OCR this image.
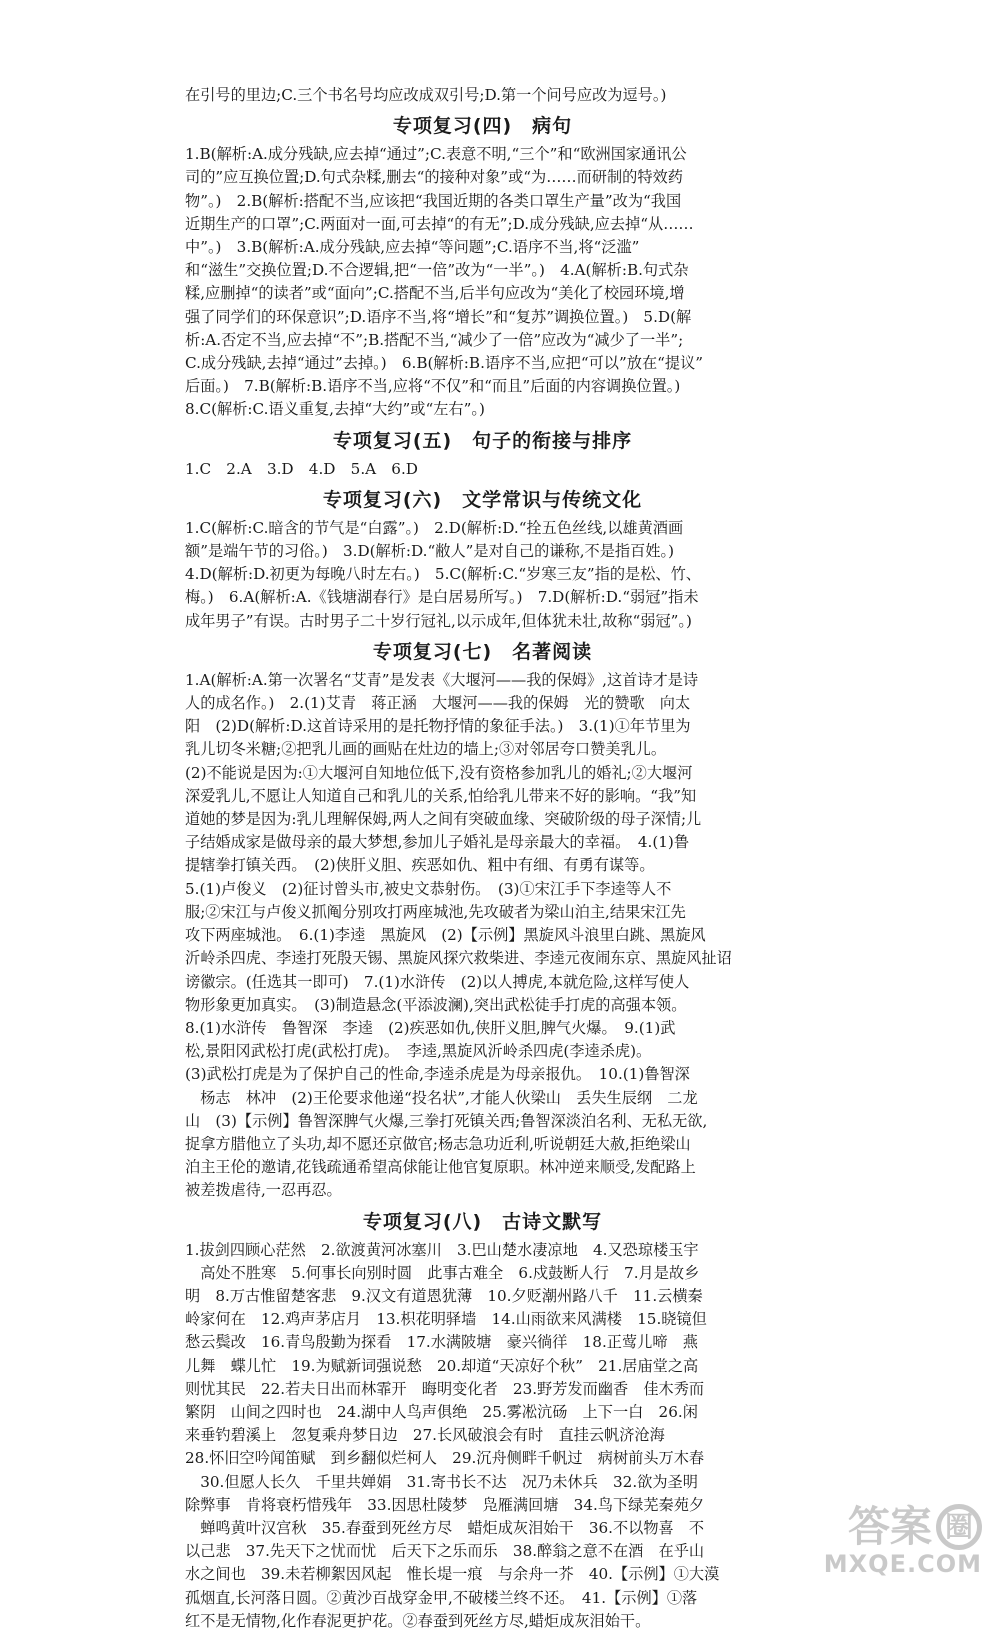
在引号的里边;C.三个书名号均应改成双引号;D.第一个问号应改为逗号。)

专项复习(四)　病句
1.B(解析:A.成分残缺,应去掉“通过”;C.表意不明,“三个”和“欧洲国家通讯公
司的”应互换位置;D.句式杂糅,删去“的接种对象”或“为……而研制的特效药
物”。)　2.B(解析:搭配不当,应该把“我国近期的各类口罩生产量”改为“我国
近期生产的口罩”;C.两面对一面,可去掉“的有无”;D.成分残缺,应去掉“从……
中”。)　3.B(解析:A.成分残缺,应去掉“等问题”;C.语序不当,将“泛滥”
和“滋生”交换位置;D.不合逻辑,把“一倍”改为“一半”。)　4.A(解析:B.句式杂
糅,应删掉“的读者”或“面向”;C.搭配不当,后半句应改为“美化了校园环境,增
强了同学们的环保意识”;D.语序不当,将“增长”和“复苏”调换位置。)　5.D(解
析:A.否定不当,应去掉“不”;B.搭配不当,“减少了一倍”应改为“减少了一半”;
C.成分残缺,去掉“通过”去掉。)　6.B(解析:B.语序不当,应把“可以”放在“提议”
后面。)　7.B(解析:B.语序不当,应将“不仅”和“而且”后面的内容调换位置。)
8.C(解析:C.语义重复,去掉“大约”或“左右”。)
专项复习(五)　句子的衔接与排序
1.C　2.A　3.D　4.D　5.A　6.D
专项复习(六)　文学常识与传统文化
1.C(解析:C.暗含的节气是“白露”。)　2.D(解析:D.“拴五色丝线,以雄黄酒画
额”是端午节的习俗。)　3.D(解析:D.“敝人”是对自己的谦称,不是指百姓。)
4.D(解析:D.初更为每晚八时左右。)　5.C(解析:C.“岁寒三友”指的是松、竹、
梅。)　6.A(解析:A.《钱塘湖春行》是白居易所写。)　7.D(解析:D.“弱冠”指未
成年男子”有误。古时男子二十岁行冠礼,以示成年,但体犹未壮,故称“弱冠”。)
专项复习(七)　名著阅读
1.A(解析:A.第一次署名“艾青”是发表《大堰河——我的保姆》,这首诗才是诗
人的成名作。)　2.(1)艾青　蒋正涵　大堰河——我的保姆　光的赞歌　向太
阳　(2)D(解析:D.这首诗采用的是托物抒情的象征手法。)　3.(1)①年节里为
乳儿切冬米糖;②把乳儿画的画贴在灶边的墙上;③对邻居夸口赞美乳儿。
(2)不能说是因为:①大堰河自知地位低下,没有资格参加乳儿的婚礼;②大堰河
深爱乳儿,不愿让人知道自己和乳儿的关系,怕给乳儿带来不好的影响。“我”知
道她的梦是因为:乳儿理解保姆,两人之间有突破血缘、突破阶级的母子深情;儿
子结婚成家是做母亲的最大梦想,参加儿子婚礼是母亲最大的幸福。　4.(1)鲁
提辖拳打镇关西。　(2)侠肝义胆、疾恶如仇、粗中有细、有勇有谋等。
5.(1)卢俊义　(2)征讨曾头市,被史文恭射伤。　(3)①宋江手下李逵等人不
服;②宋江与卢俊义抓阄分别攻打两座城池,先攻破者为梁山泊主,结果宋江先
攻下两座城池。　6.(1)李逵　黑旋风　(2)【示例】黑旋风斗浪里白跳、黑旋风
沂岭杀四虎、李逵打死殷天锡、黑旋风探穴救柴进、李逵元夜闹东京、黑旋风扯诏
谤徽宗。(任选其一即可)　7.(1)水浒传　(2)以人搏虎,本就危险,这样写使人
物形象更加真实。　(3)制造悬念(平添波澜),突出武松徒手打虎的高强本领。
8.(1)水浒传　鲁智深　李逵　(2)疾恶如仇,侠肝义胆,脾气火爆。　9.(1)武
松,景阳冈武松打虎(武松打虎)。　李逵,黑旋风沂岭杀四虎(李逵杀虎)。
(3)武松打虎是为了保护自己的性命,李逵杀虎是为母亲报仇。　10.(1)鲁智深
　杨志　林冲　(2)王伦要求他递“投名状”,才能人伙梁山　丢失生辰纲　二龙
山　(3)【示例】鲁智深脾气火爆,三拳打死镇关西;鲁智深淡泊名利、无私无欲,
捉拿方腊他立了头功,却不愿还京做官;杨志急功近利,听说朝廷大赦,拒绝梁山
泊主王伦的邀请,花钱疏通希望高俅能让他官复原职。林冲逆来顺受,发配路上
被差拨虐待,一忍再忍。
专项复习(八)　古诗文默写
1.拔剑四顾心茫然　2.欲渡黄河冰塞川　3.巴山楚水凄凉地　4.又恐琼楼玉宇
　高处不胜寒　5.何事长向别时圆　此事古难全　6.戍鼓断人行　7.月是故乡
明　8.万古惟留楚客悲　9.汉文有道恩犹薄　10.夕贬潮州路八千　11.云横秦
岭家何在　12.鸡声茅店月　13.枳花明驿墙　14.山雨欲来风满楼　15.晓镜但
愁云鬓改　16.青鸟殷勤为探看　17.水满陂塘　豪兴徜徉　18.正莺儿啼　燕
儿舞　蝶儿忙　19.为赋新词强说愁　20.却道“天凉好个秋”　21.居庙堂之高
则忧其民　22.若夫日出而林霏开　晦明变化者　23.野芳发而幽香　佳木秀而
繁阴　山间之四时也　24.湖中人鸟声俱绝　25.雾凇沆砀　上下一白　26.闲
来垂钓碧溪上　忽复乘舟梦日边　27.长风破浪会有时　直挂云帆济沧海
28.怀旧空吟闻笛赋　到乡翻似烂柯人　29.沉舟侧畔千帆过　病树前头万木春
　30.但愿人长久　千里共婵娟　31.寄书长不达　况乃未休兵　32.欲为圣明
除弊事　肯将衰朽惜残年　33.因思杜陵梦　凫雁满回塘　34.鸟下绿芜秦苑夕
　蝉鸣黄叶汉宫秋　35.春蚕到死丝方尽　蜡炬成灰泪始干　36.不以物喜　不
以己悲　37.先天下之忧而忧　后天下之乐而乐　38.醉翁之意不在酒　在乎山
水之间也　39.未若柳絮因风起　惟长堤一痕　与余舟一芥　40.【示例】①大漠
孤烟直,长河落日圆。②黄沙百战穿金甲,不破楼兰终不还。　41.【示例】①落
红不是无情物,化作春泥更护花。②春蚕到死丝方尽,蜡炬成灰泪始干。
答案 圈
MXQE.COM
